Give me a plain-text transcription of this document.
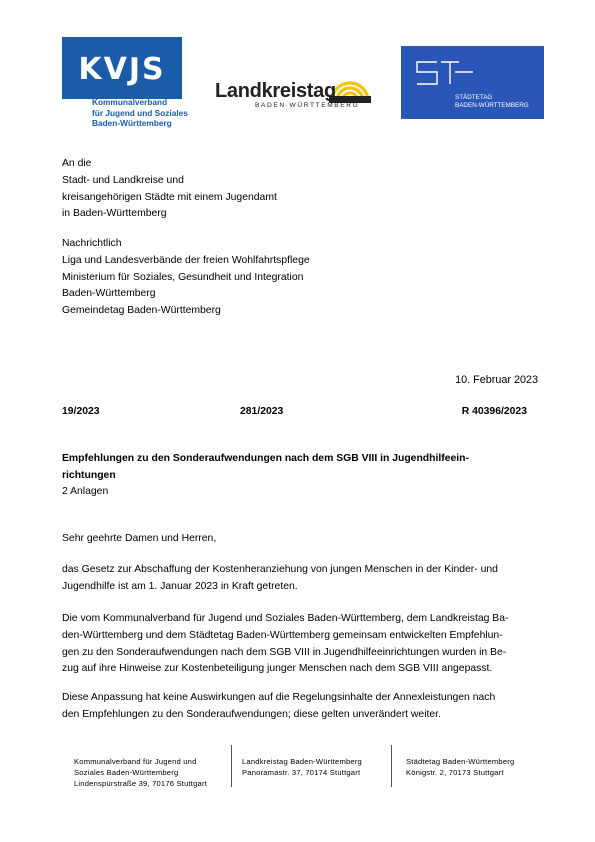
KVJS
Kommunalverband
für Jugend und Soziales
Baden-Württemberg
Landkreistag
BADEN·WÜRTTEMBERG
STÄDTETAG
BADEN-WÜRTTEMBERG
An die
Stadt- und Landkreise und
kreisangehörigen Städte mit einem Jugendamt
in Baden-Württemberg
Nachrichtlich
Liga und Landesverbände der freien Wohlfahrtspflege
Ministerium für Soziales, Gesundheit und Integration
Baden-Württemberg
Gemeindetag Baden-Württemberg
10. Februar 2023
19/2023	281/2023	R 40396/2023
Empfehlungen zu den Sonderaufwendungen nach dem SGB VIII in Jugendhilfeein-
richtungen
2 Anlagen
Sehr geehrte Damen und Herren,
das Gesetz zur Abschaffung der Kostenheranziehung von jungen Menschen in der Kinder- und
Jugendhilfe ist am 1. Januar 2023 in Kraft getreten.
Die vom Kommunalverband für Jugend und Soziales Baden-Württemberg, dem Landkreistag Ba-
den-Württemberg und dem Städtetag Baden-Württemberg gemeinsam entwickelten Empfehlun-
gen zu den Sonderaufwendungen nach dem SGB VIII in Jugendhilfeeinrichtungen wurden in Be-
zug auf ihre Hinweise zur Kostenbeteiligung junger Menschen nach dem SGB VIII angepasst.
Diese Anpassung hat keine Auswirkungen auf die Regelungsinhalte der Annexleistungen nach
den Empfehlungen zu den Sonderaufwendungen; diese gelten unverändert weiter.
Kommunalverband für Jugend und
Soziales Baden-Württemberg
Lindenspürstraße 39, 70176 Stuttgart
Landkreistag Baden-Württemberg
Panoramastr. 37, 70174 Stuttgart
Städtetag Baden-Württemberg
Königstr. 2, 70173 Stuttgart
